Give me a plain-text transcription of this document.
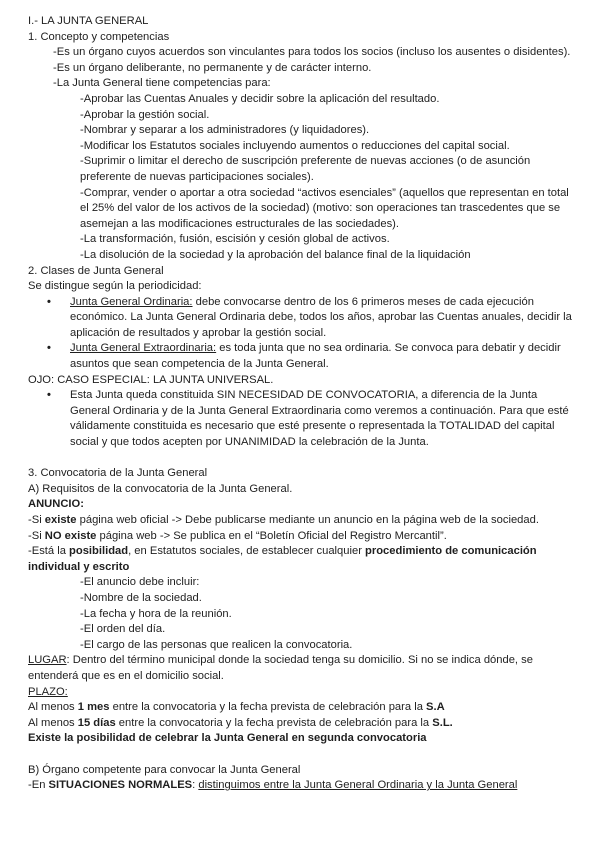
I.- LA JUNTA GENERAL
1. Concepto y competencias
-Es un órgano cuyos acuerdos son vinculantes para todos los socios (incluso los ausentes o disidentes).
-Es un órgano deliberante, no permanente y de carácter interno.
-La Junta General tiene competencias para:
-Aprobar las Cuentas Anuales y decidir sobre la aplicación del resultado.
-Aprobar la gestión social.
-Nombrar y separar a los administradores (y liquidadores).
-Modificar los Estatutos sociales incluyendo aumentos o reducciones del capital social.
-Suprimir o limitar el derecho de suscripción preferente de nuevas acciones (o de asunción preferente de nuevas participaciones sociales).
-Comprar, vender o aportar a otra sociedad “activos esenciales” (aquellos que representan en total el 25% del valor de los activos de la sociedad) (motivo: son operaciones tan trascedentes que se asemejan a las modificaciones estructurales de las sociedades).
-La transformación, fusión, escisión y cesión global de activos.
-La disolución de la sociedad y la aprobación del balance final de la liquidación
2. Clases de Junta General
Se distingue según la periodicidad:
•	Junta General Ordinaria: debe convocarse dentro de los 6 primeros meses de cada ejecución económico. La Junta General Ordinaria debe, todos los años, aprobar las Cuentas anuales, decidir la aplicación de resultados y aprobar la gestión social.
•	Junta General Extraordinaria: es toda junta que no sea ordinaria. Se convoca para debatir y decidir asuntos que sean competencia de la Junta General.
OJO: CASO ESPECIAL: LA JUNTA UNIVERSAL.
•	Esta Junta queda constituida SIN NECESIDAD DE CONVOCATORIA, a diferencia de la Junta General Ordinaria y de la Junta General Extraordinaria como veremos a continuación. Para que esté válidamente constituida es necesario que esté presente o representada la TOTALIDAD del capital social y que todos acepten por UNANIMIDAD la celebración de la Junta.
3. Convocatoria de la Junta General
A) Requisitos de la convocatoria de la Junta General.
ANUNCIO:
-Si existe página web oficial -> Debe publicarse mediante un anuncio en la página web de la sociedad.
-Si NO existe página web -> Se publica en el “Boletín Oficial del Registro Mercantil”.
-Está la posibilidad, en Estatutos sociales, de establecer cualquier procedimiento de comunicación individual y escrito
-El anuncio debe incluir:
-Nombre de la sociedad.
-La fecha y hora de la reunión.
-El orden del día.
-El cargo de las personas que realicen la convocatoria.
LUGAR: Dentro del término municipal donde la sociedad tenga su domicilio. Si no se indica dónde, se entenderá que es en el domicilio social.
PLAZO:
Al menos 1 mes entre la convocatoria y la fecha prevista de celebración para la S.A
Al menos 15 días entre la convocatoria y la fecha prevista de celebración para la S.L.
Existe la posibilidad de celebrar la Junta General en segunda convocatoria
B) Órgano competente para convocar la Junta General
-En SITUACIONES NORMALES: distinguimos entre la Junta General Ordinaria y la Junta General
